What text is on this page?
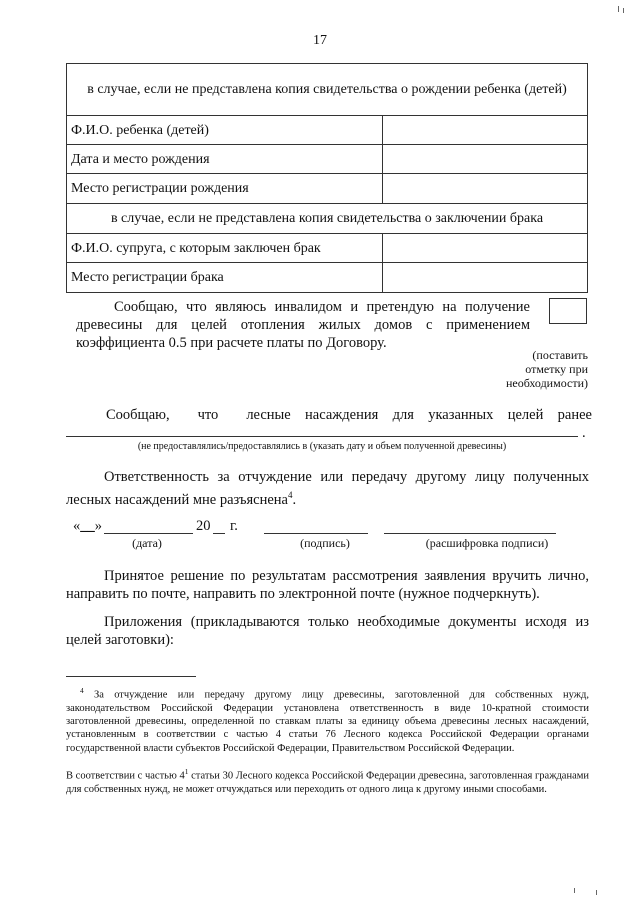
17
в случае, если не представлена копия свидетельства о рождении ребенка (детей)	
Ф.И.О. ребенка (детей)	
Дата и место рождения	
Место регистрации рождения	
в случае, если не представлена копия свидетельства о заключении брака	
Ф.И.О. супруга, с которым заключен брак	
Место регистрации брака	
Сообщаю, что являюсь инвалидом и претендую на получение древесины для целей отопления жилых домов с применением коэффициента 0.5 при расчете платы по Договору.
(поставить
отметку при
необходимости)
Сообщаю, что лесные насаждения для указанных целей ранее
.
(не предоставлялись/предоставлялись в (указать дату и объем полученной древесины)
Ответственность за отчуждение или передачу другому лицу полученных лесных насаждений мне разъяснена$^4$.
«__»	20 г.
(дата)	(подпись)	(расшифровка подписи)
Принятое решение по результатам рассмотрения заявления вручить лично, направить по почте, направить по электронной почте (нужное подчеркнуть).
Приложения (прикладываются только необходимые документы исходя из целей заготовки):
$^4$ За отчуждение или передачу другому лицу древесины, заготовленной для собственных нужд, законодательством Российской Федерации установлена ответственность в виде 10-кратной стоимости заготовленной древесины, определенной по ставкам платы за единицу объема древесины лесных насаждений, установленным в соответствии с частью 4 статьи 76 Лесного кодекса Российской Федерации органами государственной власти субъектов Российской Федерации, Правительством Российской Федерации.
В соответствии с частью $4^1$ статьи 30 Лесного кодекса Российской Федерации древесина, заготовленная гражданами для собственных нужд, не может отчуждаться или переходить от одного лица к другому иными способами.
